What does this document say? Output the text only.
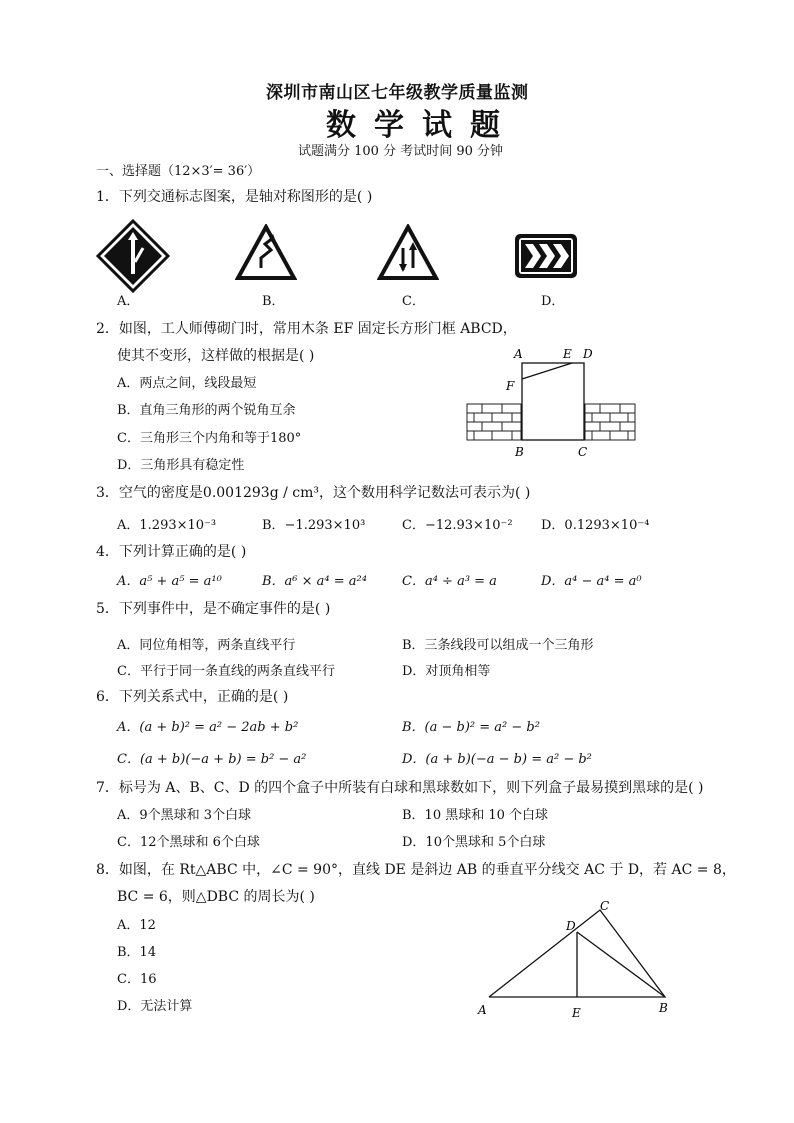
深圳市南山区七年级教学质量监测
数学试题
试题满分 100 分 考试时间 90 分钟
一、选择题（12×3′= 36′）
1．下列交通标志图案，是轴对称图形的是( )
A．	B．	C．	D．
2．如图，工人师傅砌门时，常用木条 EF 固定长方形门框 ABCD，
使其不变形，这样做的根据是( )
A．两点之间，线段最短
B．直角三角形的两个锐角互余
C．三角形三个内角和等于180°
D．三角形具有稳定性
A	E D
F
B	C
3．空气的密度是0.001293g / cm³，这个数用科学记数法可表示为( )
A．1.293×10⁻³	B．−1.293×10³	C．−12.93×10⁻² D．0.1293×10⁻⁴
4．下列计算正确的是( )
A．a⁵ + a⁵ = a¹⁰	B．a⁶ × a⁴ = a²⁴	C．a⁴ ÷ a³ = a	D．a⁴ − a⁴ = a⁰
5．下列事件中，是不确定事件的是( )
A．同位角相等，两条直线平行	B．三条线段可以组成一个三角形
C．平行于同一条直线的两条直线平行	D．对顶角相等
6．下列关系式中，正确的是( )
A．(a + b)² = a² − 2ab + b²	B．(a − b)² = a² − b²
C．(a + b)(−a + b) = b² − a²	D．(a + b)(−a − b) = a² − b²
7．标号为 A、B、C、D 的四个盒子中所装有白球和黑球数如下，则下列盒子最易摸到黑球的是( )
A．9个黑球和 3个白球	B．10 黑球和 10 个白球
C．12个黑球和 6个白球	D．10个黑球和 5个白球
8．如图，在 Rt△ABC 中，∠C = 90°，直线 DE 是斜边 AB 的垂直平分线交 AC 于 D，若 AC = 8，
BC = 6，则△DBC 的周长为( )
A．12
B．14
C．16
D．无法计算	A	B
C
D
E
